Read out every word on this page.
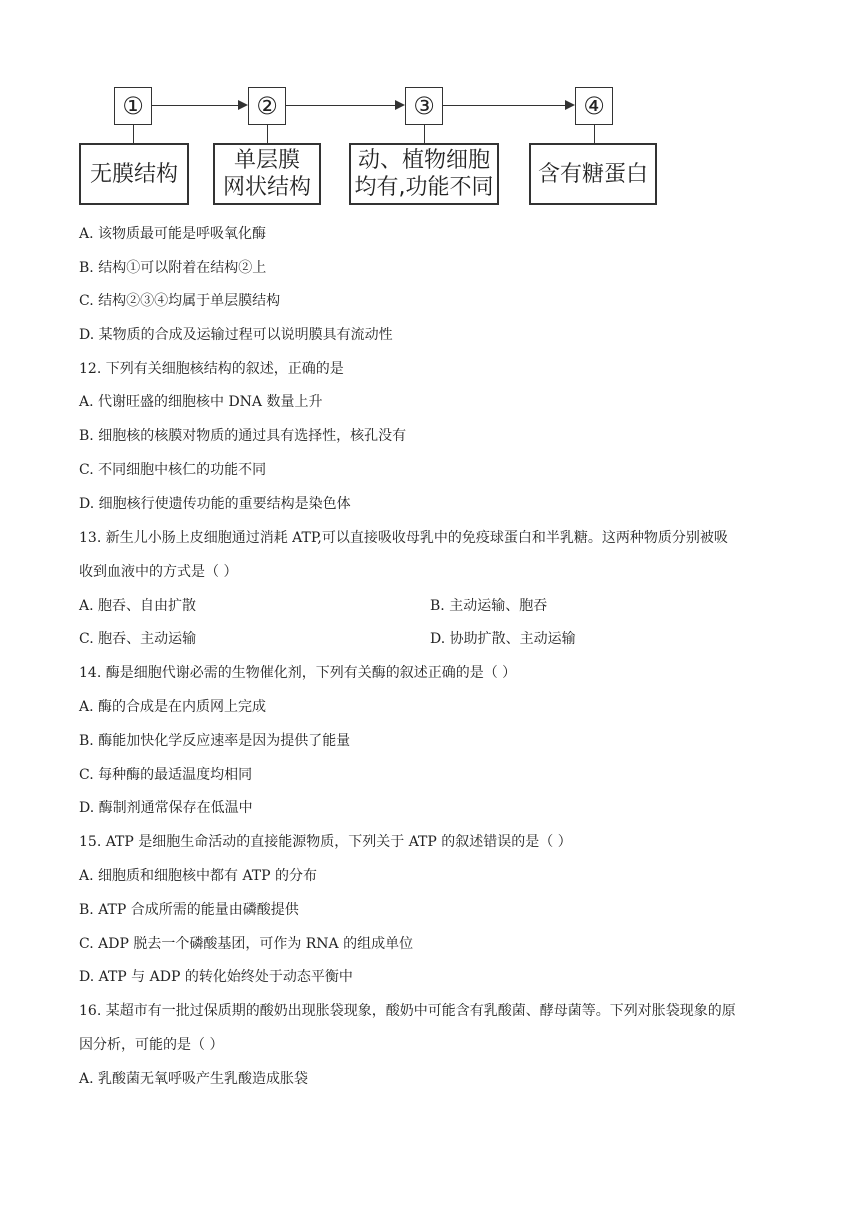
①	②	③	④
无膜结构
单层膜
网状结构
动、植物细胞
均有,功能不同
含有糖蛋白
A. 该物质最可能是呼吸氧化酶
B. 结构①可以附着在结构②上
C. 结构②③④均属于单层膜结构
D. 某物质的合成及运输过程可以说明膜具有流动性
12. 下列有关细胞核结构的叙述，正确的是
A. 代谢旺盛的细胞核中 DNA 数量上升
B. 细胞核的核膜对物质的通过具有选择性，核孔没有
C. 不同细胞中核仁的功能不同
D. 细胞核行使遗传功能的重要结构是染色体
13. 新生儿小肠上皮细胞通过消耗 ATP,可以直接吸收母乳中的免疫球蛋白和半乳糖。这两种物质分别被吸
收到血液中的方式是（ ）
A. 胞吞、自由扩散	B. 主动运输、胞吞
C. 胞吞、主动运输	D. 协助扩散、主动运输
14. 酶是细胞代谢必需的生物催化剂，下列有关酶的叙述正确的是（ ）
A. 酶的合成是在内质网上完成
B. 酶能加快化学反应速率是因为提供了能量
C. 每种酶的最适温度均相同
D. 酶制剂通常保存在低温中
15. ATP 是细胞生命活动的直接能源物质，下列关于 ATP 的叙述错误的是（ ）
A. 细胞质和细胞核中都有 ATP 的分布
B. ATP 合成所需的能量由磷酸提供
C. ADP 脱去一个磷酸基团，可作为 RNA 的组成单位
D. ATP 与 ADP 的转化始终处于动态平衡中
16. 某超市有一批过保质期的酸奶出现胀袋现象，酸奶中可能含有乳酸菌、酵母菌等。下列对胀袋现象的原
因分析，可能的是（ ）
A. 乳酸菌无氧呼吸产生乳酸造成胀袋
